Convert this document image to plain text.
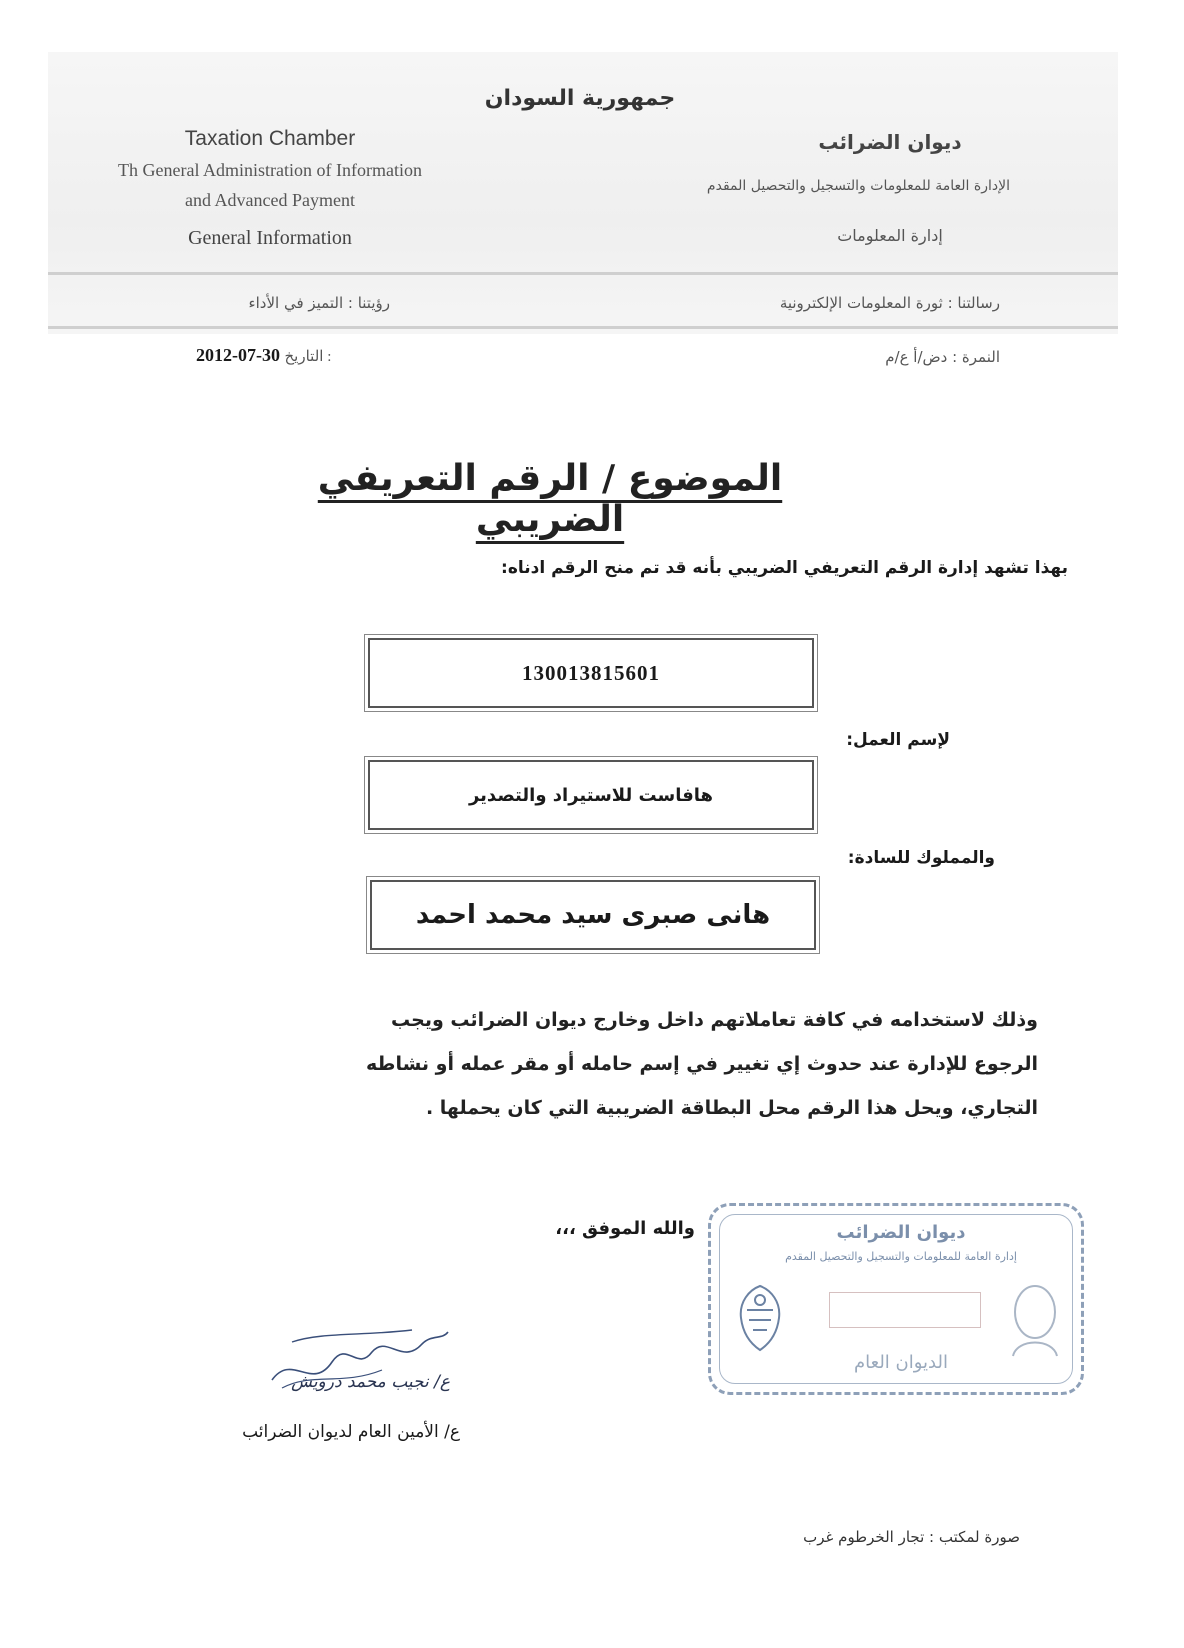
جمهورية السودان
Taxation Chamber
Th General Administration of Information
and Advanced Payment
General Information
ديوان الضرائب
الإدارة العامة للمعلومات والتسجيل والتحصيل المقدم
إدارة المعلومات
رؤيتنا : التميز في الأداء	رسالتنا : ثورة المعلومات الإلكترونية
2012-07-30 التاريخ :	النمرة : دض/أ ع/م
الموضوع / الرقم التعريفي الضريبي
بهذا تشهد إدارة الرقم التعريفي الضريبي بأنه قد تم منح الرقم ادناه:
130013815601
لإسم العمل:
هافاست للاستيراد والتصدير
والمملوك للسادة:
هانى صبرى سيد محمد احمد
وذلك لاستخدامه في كافة تعاملاتهم داخل وخارج ديوان الضرائب ويجب
الرجوع للإدارة عند حدوث إي تغيير في إسم حامله أو مقر عمله أو نشاطه
التجاري، ويحل هذا الرقم محل البطاقة الضريبية التي كان يحملها .
والله الموفق ،،،	ديوان الضرائب
إدارة العامة للمعلومات والتسجيل والتحصيل المقدم
الديوان العام
ع/ نجيب محمد درويش
ع/ الأمين العام لديوان الضرائب
صورة لمكتب : تجار الخرطوم غرب
